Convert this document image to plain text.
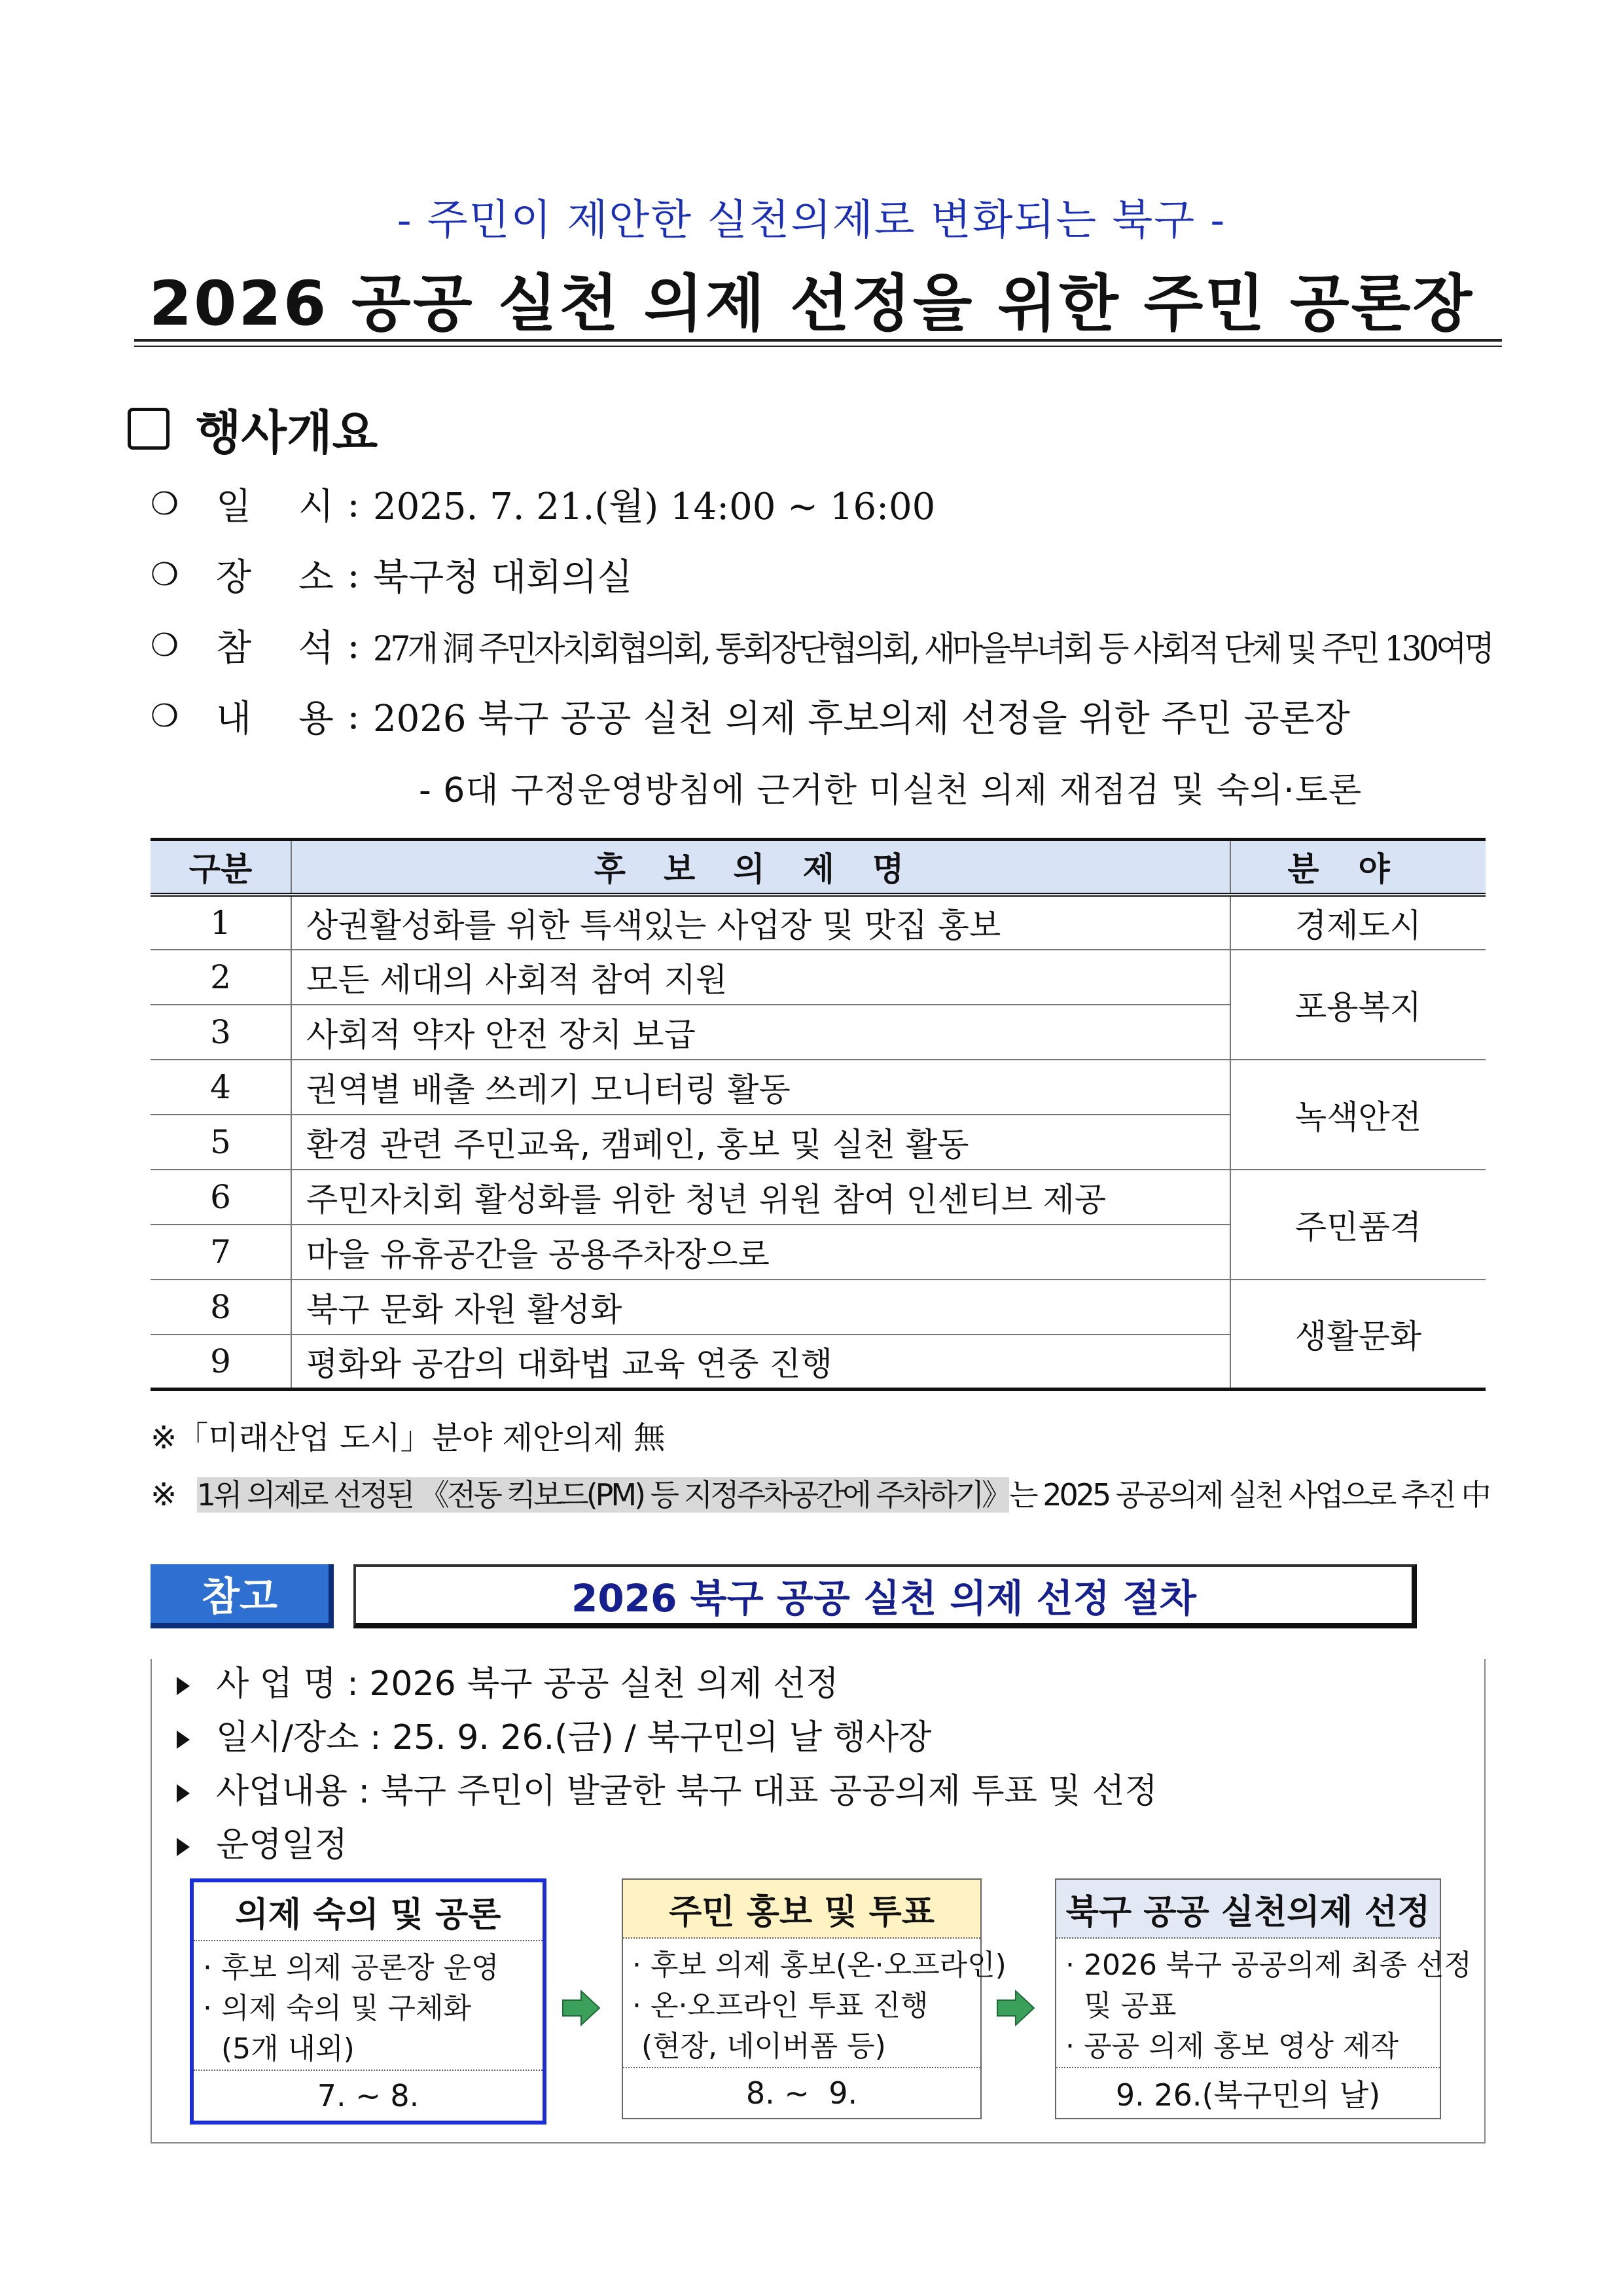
- 주민이 제안한 실천의제로 변화되는 북구 -
2026 공공 실천 의제 선정을 위한 주민 공론장
행사개요
❍	일 시 : 2025. 7. 21.(월) 14:00 ~ 16:00
❍	장 소 : 북구청 대회의실
❍	참 석 : 27개 洞 주민자치회협의회, 통회장단협의회, 새마을부녀회 등 사회적 단체 및 주민 130여명
❍	내 용 : 2026 북구 공공 실천 의제 후보의제 선정을 위한 주민 공론장
- 6대 구정운영방침에 근거한 미실천 의제 재점검 및 숙의·토론
구분	후보의제명	분야
1	상권활성화를 위한 특색있는 사업장 및 맛집 홍보	경제도시
2	모든 세대의 사회적 참여 지원	포용복지
3	사회적 약자 안전 장치 보급	
4	권역별 배출 쓰레기 모니터링 활동	녹색안전
5	환경 관련 주민교육, 캠페인, 홍보 및 실천 활동	
6	주민자치회 활성화를 위한 청년 위원 참여 인센티브 제공	주민품격
7	마을 유휴공간을 공용주차장으로	
8	북구 문화 자원 활성화	생활문화
9	평화와 공감의 대화법 교육 연중 진행	
※「미래산업 도시」분야 제안의제 無
※ 1위 의제로 선정된 《전동 킥보드(PM) 등 지정주차공간에 주차하기》는 2025 공공의제 실천 사업으로 추진 中
참고	2026 북구 공공 실천 의제 선정 절차
사 업 명 : 2026 북구 공공 실천 의제 선정
일시/장소 : 25. 9. 26.(금) / 북구민의 날 행사장
사업내용 : 북구 주민이 발굴한 북구 대표 공공의제 투표 및 선정
운영일정
의제 숙의 및 공론
· 후보 의제 공론장 운영
· 의제 숙의 및 구체화
(5개 내외)
7. ~ 8.
주민 홍보 및 투표
· 후보 의제 홍보(온·오프라인)
· 온·오프라인 투표 진행
(현장, 네이버폼 등)
8. ~  9.
북구 공공 실천의제 선정
· 2026 북구 공공의제 최종 선정
및 공표
· 공공 의제 홍보 영상 제작
9. 26.(북구민의 날)
